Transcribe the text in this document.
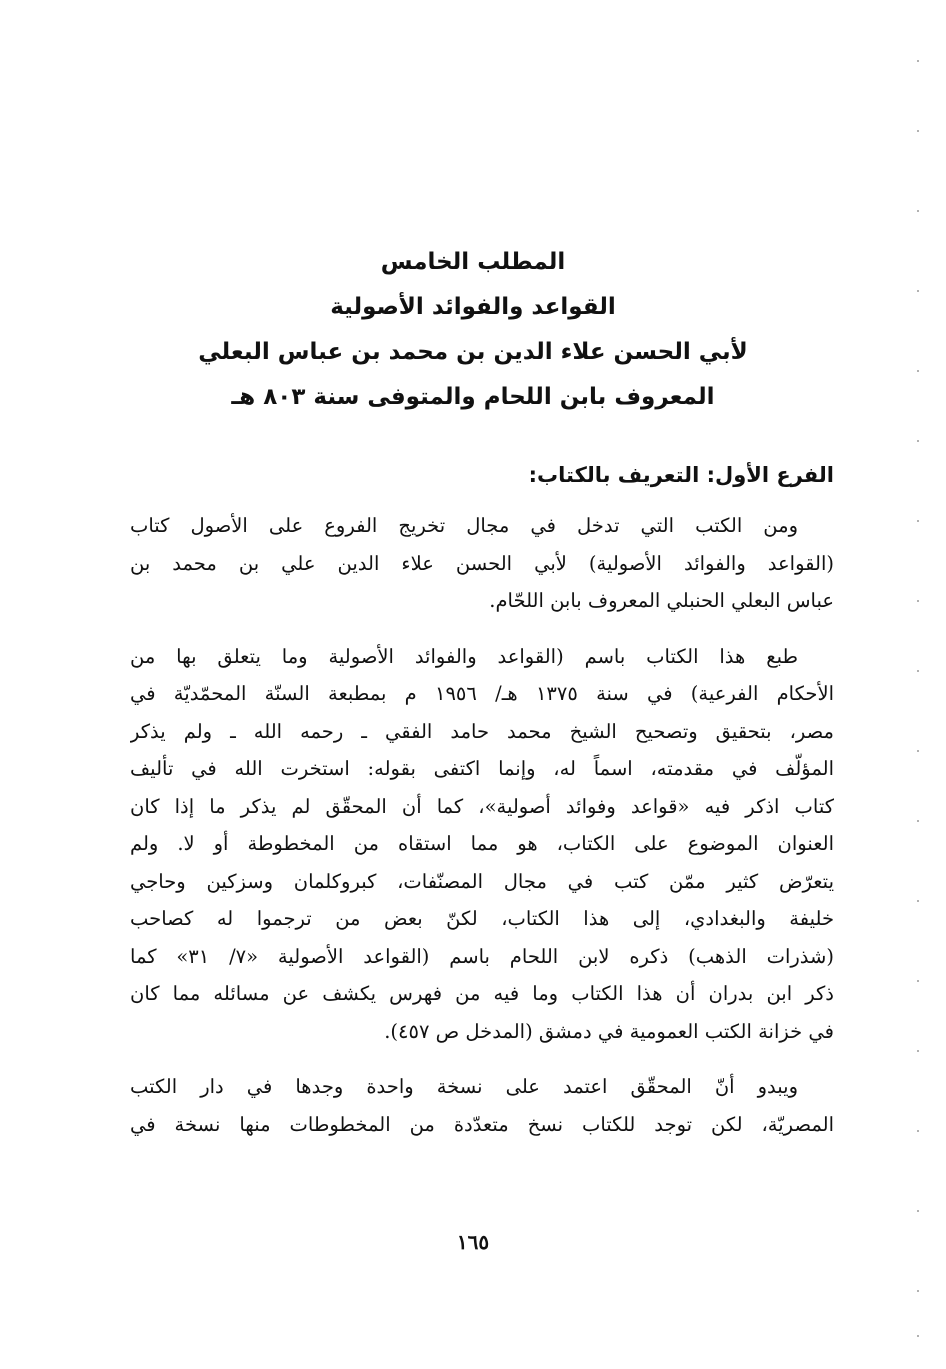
المطلب الخامس
القواعد والفوائد الأصولية
لأبي الحسن علاء الدين بن محمد بن عباس البعلي
المعروف بابن اللحام والمتوفى سنة ٨٠٣ هـ
الفرع الأول: التعريف بالكتاب:
ومن الكتب التي تدخل في مجال تخريج الفروع على الأصول كتاب
(القواعد والفوائد الأصولية) لأبي الحسن علاء الدين علي بن محمد بن
عباس البعلي الحنبلي المعروف بابن اللحّام.
طبع هذا الكتاب باسم (القواعد والفوائد الأصولية وما يتعلق بها من
الأحكام الفرعية) في سنة ١٣٧٥ هـ/ ١٩٥٦ م بمطبعة السنّة المحمّديّة في
مصر، بتحقيق وتصحيح الشيخ محمد حامد الفقي ـ رحمه الله ـ ولم يذكر
المؤلّف في مقدمته، اسماً له، وإنما اكتفى بقوله: استخرت الله في تأليف
كتاب اذكر فيه «قواعد وفوائد أصولية»، كما أن المحقّق لم يذكر ما إذا كان
العنوان الموضوع على الكتاب، هو مما استقاه من المخطوطة أو لا. ولم
يتعرّض كثير ممّن كتب في مجال المصنّفات، كبروكلمان وسزكين وحاجي
خليفة والبغدادي، إلى هذا الكتاب، لكنّ بعض من ترجموا له كصاحب
(شذرات الذهب) ذكره لابن اللحام باسم (القواعد الأصولية «٧/ ٣١» كما
ذكر ابن بدران أن هذا الكتاب وما فيه من فهرس يكشف عن مسائله مما كان
في خزانة الكتب العمومية في دمشق (المدخل ص ٤٥٧).
ويبدو أنّ المحقّق اعتمد على نسخة واحدة وجدها في دار الكتب
المصريّة، لكن توجد للكتاب نسخ متعدّدة من المخطوطات منها نسخة في
١٦٥
